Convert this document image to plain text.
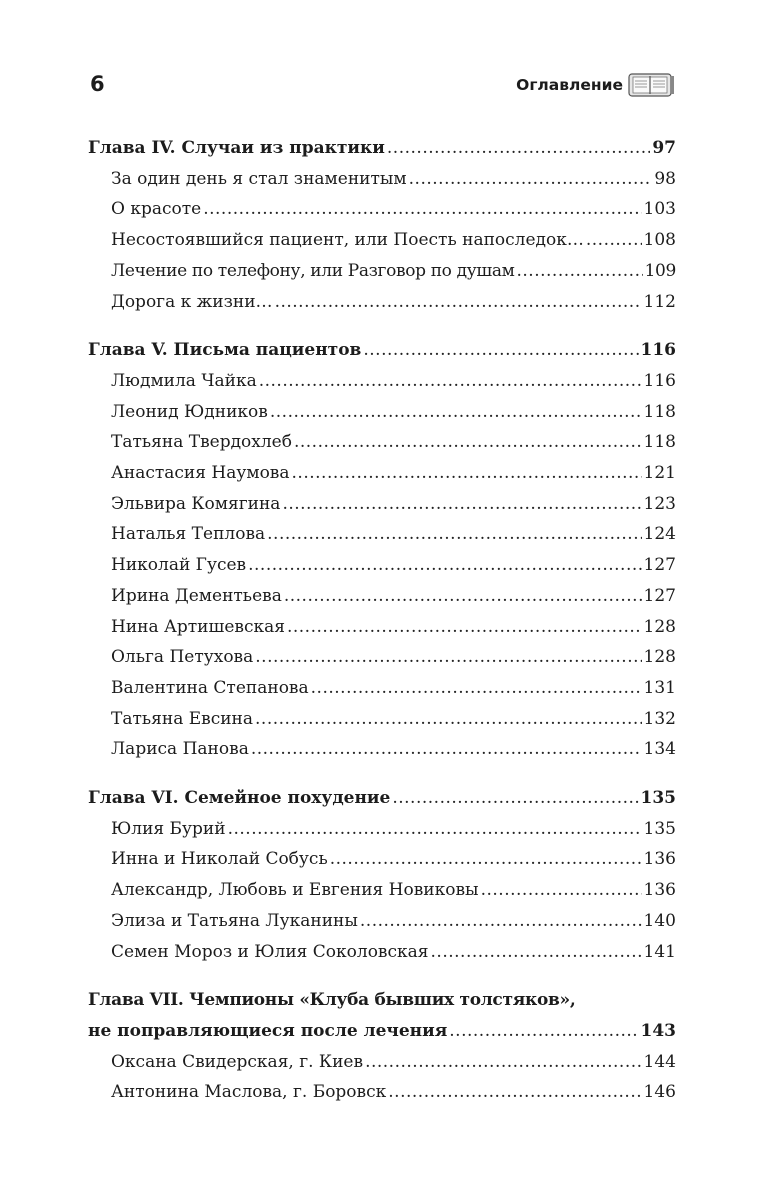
6	Оглавление
Глава IV. Случаи из практики .....	97
За один день я стал знаменитым .....	98
О красоте .....	103
Несостоявшийся пациент, или Поесть напоследок… .....	108
Лечение по телефону, или Разговор по душам .....	109
Дорога к жизни… .....	112
Глава V. Письма пациентов .....	116
Людмила Чайка .....	116
Леонид Юдников .....	118
Татьяна Твердохлеб .....	118
Анастасия Наумова .....	121
Эльвира Комягина .....	123
Наталья Теплова .....	124
Николай Гусев .....	127
Ирина Дементьева .....	127
Нина Артишевская .....	128
Ольга Петухова .....	128
Валентина Степанова .....	131
Татьяна Евсина .....	132
Лариса Панова .....	134
Глава VI. Семейное похудение .....	135
Юлия Бурий .....	135
Инна и Николай Собусь .....	136
Александр, Любовь и Евгения Новиковы .....	136
Элиза и Татьяна Луканины .....	140
Семен Мороз и Юлия Соколовская .....	141
Глава VII. Чемпионы «Клуба бывших толстяков»,
не поправляющиеся после лечения .....	143
Оксана Свидерская, г. Киев .....	144
Антонина Маслова, г. Боровск .....	146
